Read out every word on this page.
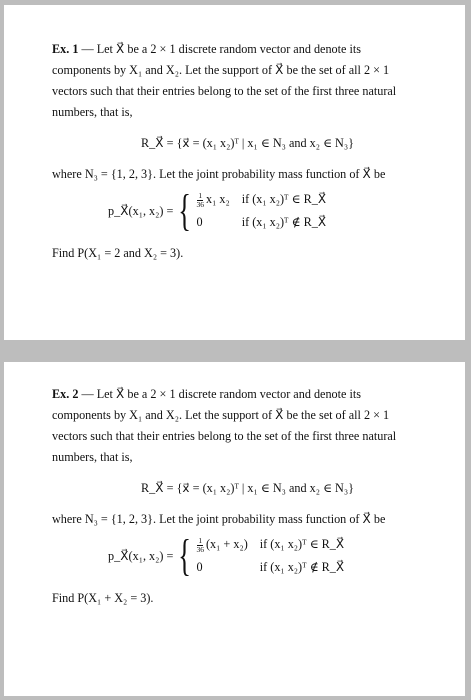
Ex. 1 — Let X⃗ be a 2 × 1 discrete random vector and denote its

components by X₁ and X₂. Let the support of X⃗ be the set of all 2 × 1

vectors such that their entries belong to the set of the first three natural

numbers, that is,

R_X⃗ = {x⃗ = (x₁ x₂)ᵀ | x₁ ∈ N₃ and x₂ ∈ N₃}

where N₃ = {1, 2, 3}. Let the joint probability mass function of X⃗ be

p_X⃗(x₁, x₂) = { $\frac{1}{36} x_1$ x₂ if (x₁ x₂)ᵀ ∈ R_X⃗
0	if (x₁ x₂)ᵀ ∉ R_X⃗

Find P(X₁ = 2 and X₂ = 3).

Ex. 2 — Let X⃗ be a 2 × 1 discrete random vector and denote its

components by X₁ and X₂. Let the support of X⃗ be the set of all 2 × 1

vectors such that their entries belong to the set of the first three natural

numbers, that is,

R_X⃗ = {x⃗ = (x₁ x₂)ᵀ | x₁ ∈ N₃ and x₂ ∈ N₃}

where N₃ = {1, 2, 3}. Let the joint probability mass function of X⃗ be

p_X⃗(x₁, x₂) = { $\frac{1}{36} (x_1 + x_2)$ if (x₁ x₂)ᵀ ∈ R_X⃗
0	if (x₁ x₂)ᵀ ∉ R_X⃗

Find P(X₁ + X₂ = 3).
